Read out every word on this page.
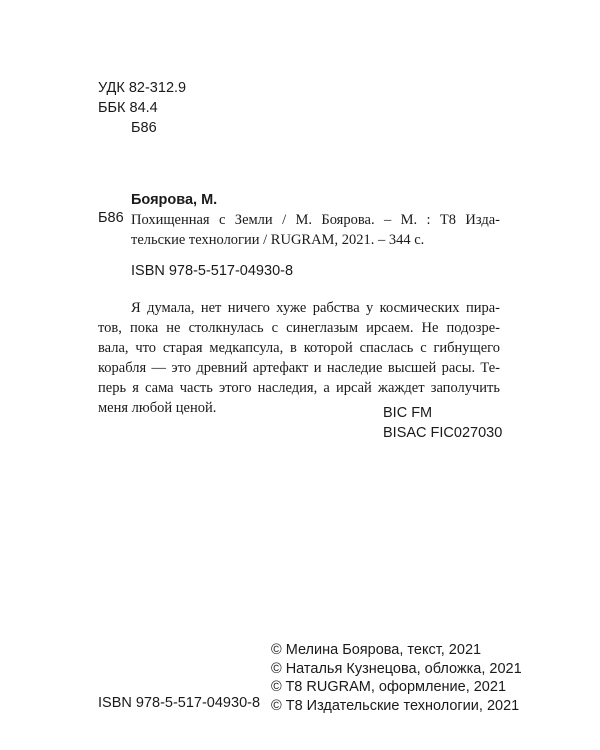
УДК 82-312.9
ББК 84.4
Б86
Боярова, М.
Б86 Похищенная с Земли / М. Боярова. – М. : Т8 Изда-
тельские технологии / RUGRAM, 2021. – 344 с.
ISBN 978-5-517-04930-8
Я думала, нет ничего хуже рабства у космических пира-
тов, пока не столкнулась с синеглазым ирсаем. Не подозре-
вала, что старая медкапсула, в которой спаслась с гибнущего
корабля — это древний артефакт и наследие высшей расы. Те-
перь я сама часть этого наследия, а ирсай жаждет заполучить
меня любой ценой.	BIC FM
BISAC FIC027030
© Мелина Боярова, текст, 2021
© Наталья Кузнецова, обложка, 2021
© T8 RUGRAM, оформление, 2021
© Т8 Издательские технологии, 2021
ISBN 978-5-517-04930-8
